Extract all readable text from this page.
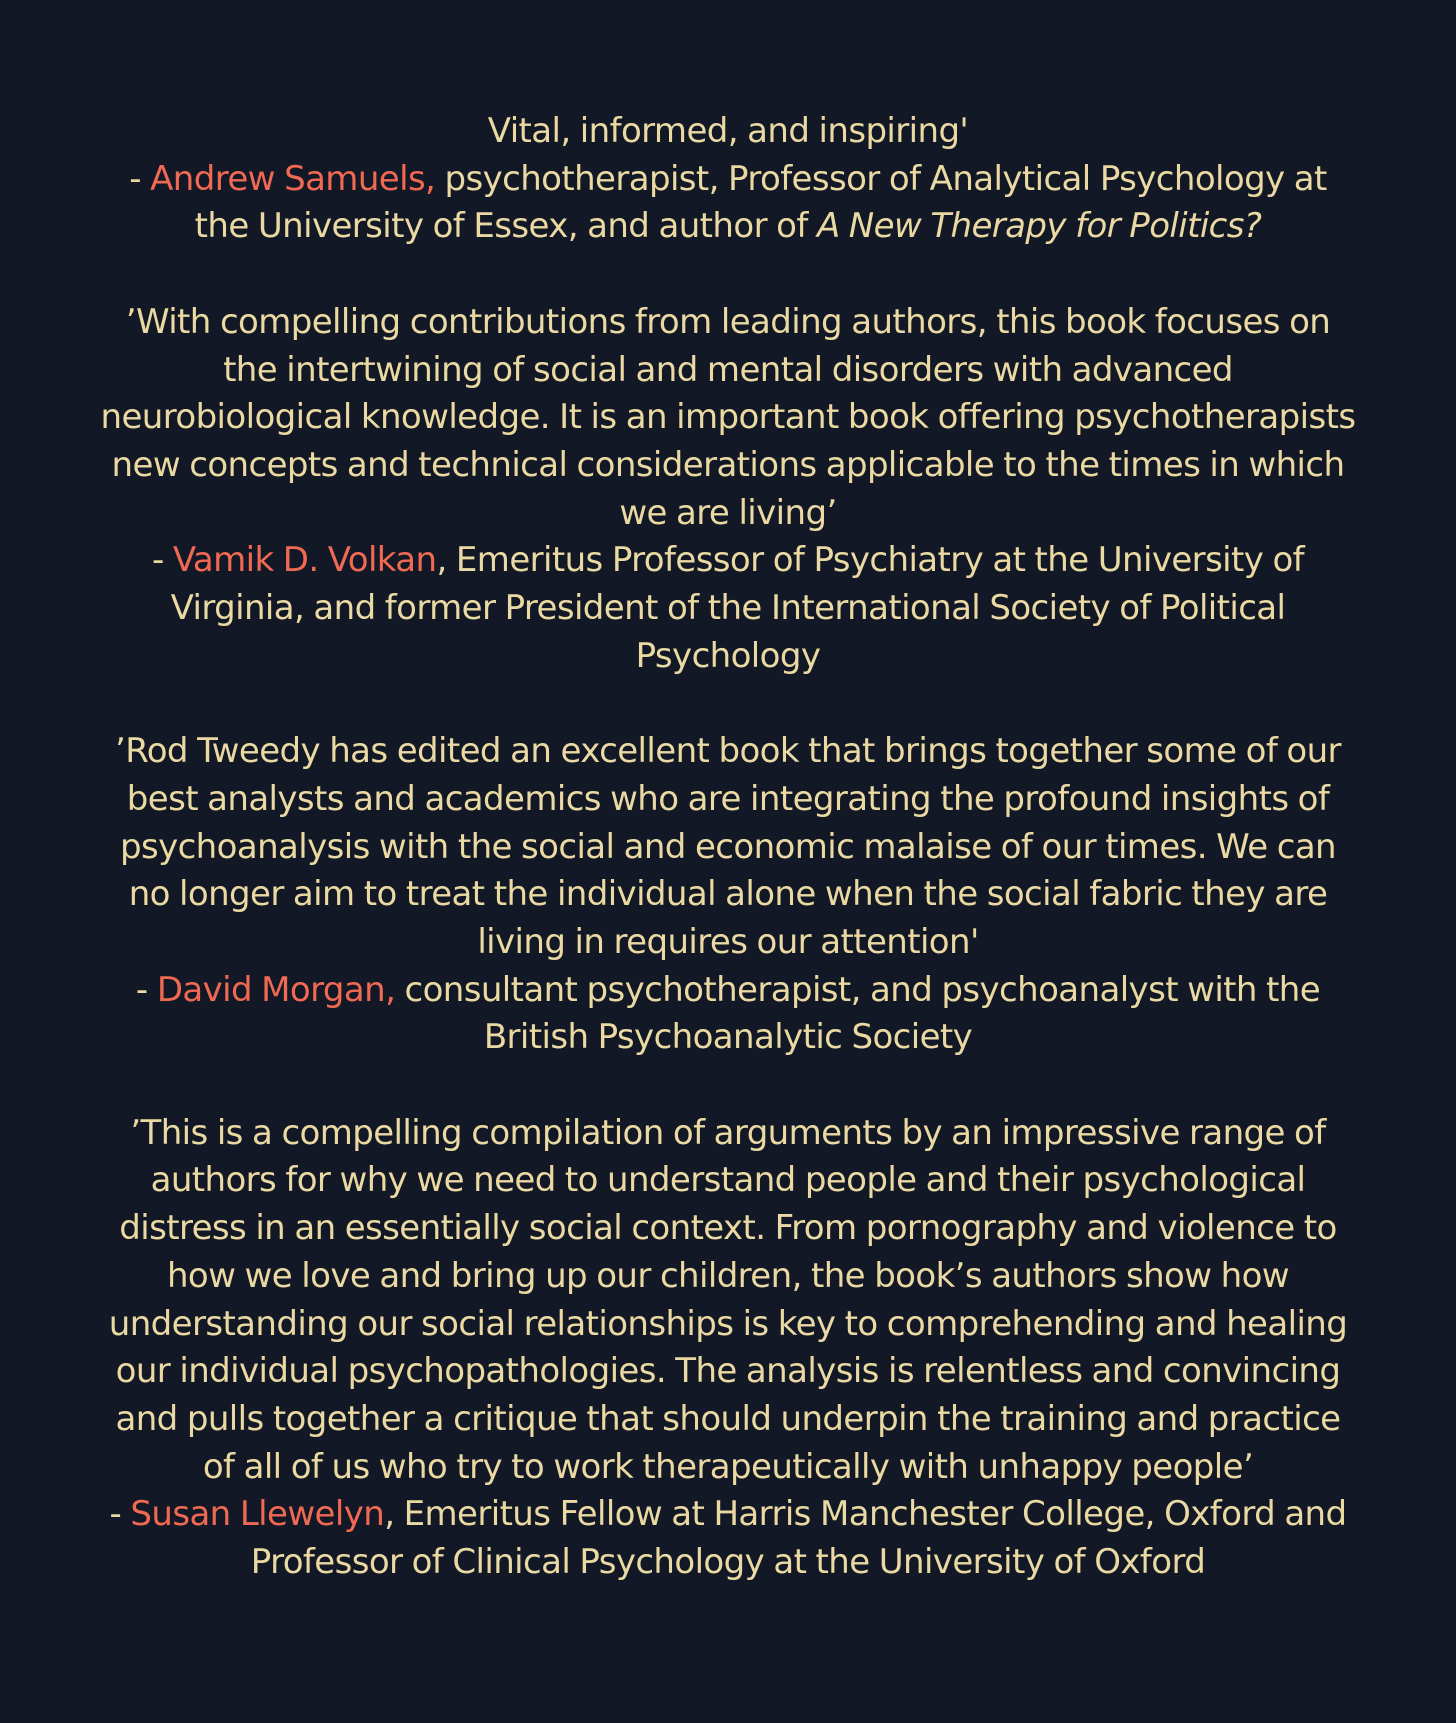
Vital, informed, and inspiring'
- Andrew Samuels, psychotherapist, Professor of Analytical Psychology at the University of Essex, and author of A New Therapy for Politics?
’With compelling contributions from leading authors, this book focuses on the intertwining of social and mental disorders with advanced neurobiological knowledge. It is an important book offering psychotherapists new concepts and technical considerations applicable to the times in which we are living’
- Vamik D. Volkan, Emeritus Professor of Psychiatry at the University of Virginia, and former President of the International Society of Political Psychology
’Rod Tweedy has edited an excellent book that brings together some of our best analysts and academics who are integrating the profound insights of psychoanalysis with the social and economic malaise of our times. We can no longer aim to treat the individual alone when the social fabric they are living in requires our attention'
- David Morgan, consultant psychotherapist, and psychoanalyst with the British Psychoanalytic Society
’This is a compelling compilation of arguments by an impressive range of authors for why we need to understand people and their psychological distress in an essentially social context. From pornography and violence to how we love and bring up our children, the book’s authors show how understanding our social relationships is key to comprehending and healing our individual psychopathologies. The analysis is relentless and convincing and pulls together a critique that should underpin the training and practice of all of us who try to work therapeutically with unhappy people’
- Susan Llewelyn, Emeritus Fellow at Harris Manchester College, Oxford and Professor of Clinical Psychology at the University of Oxford
